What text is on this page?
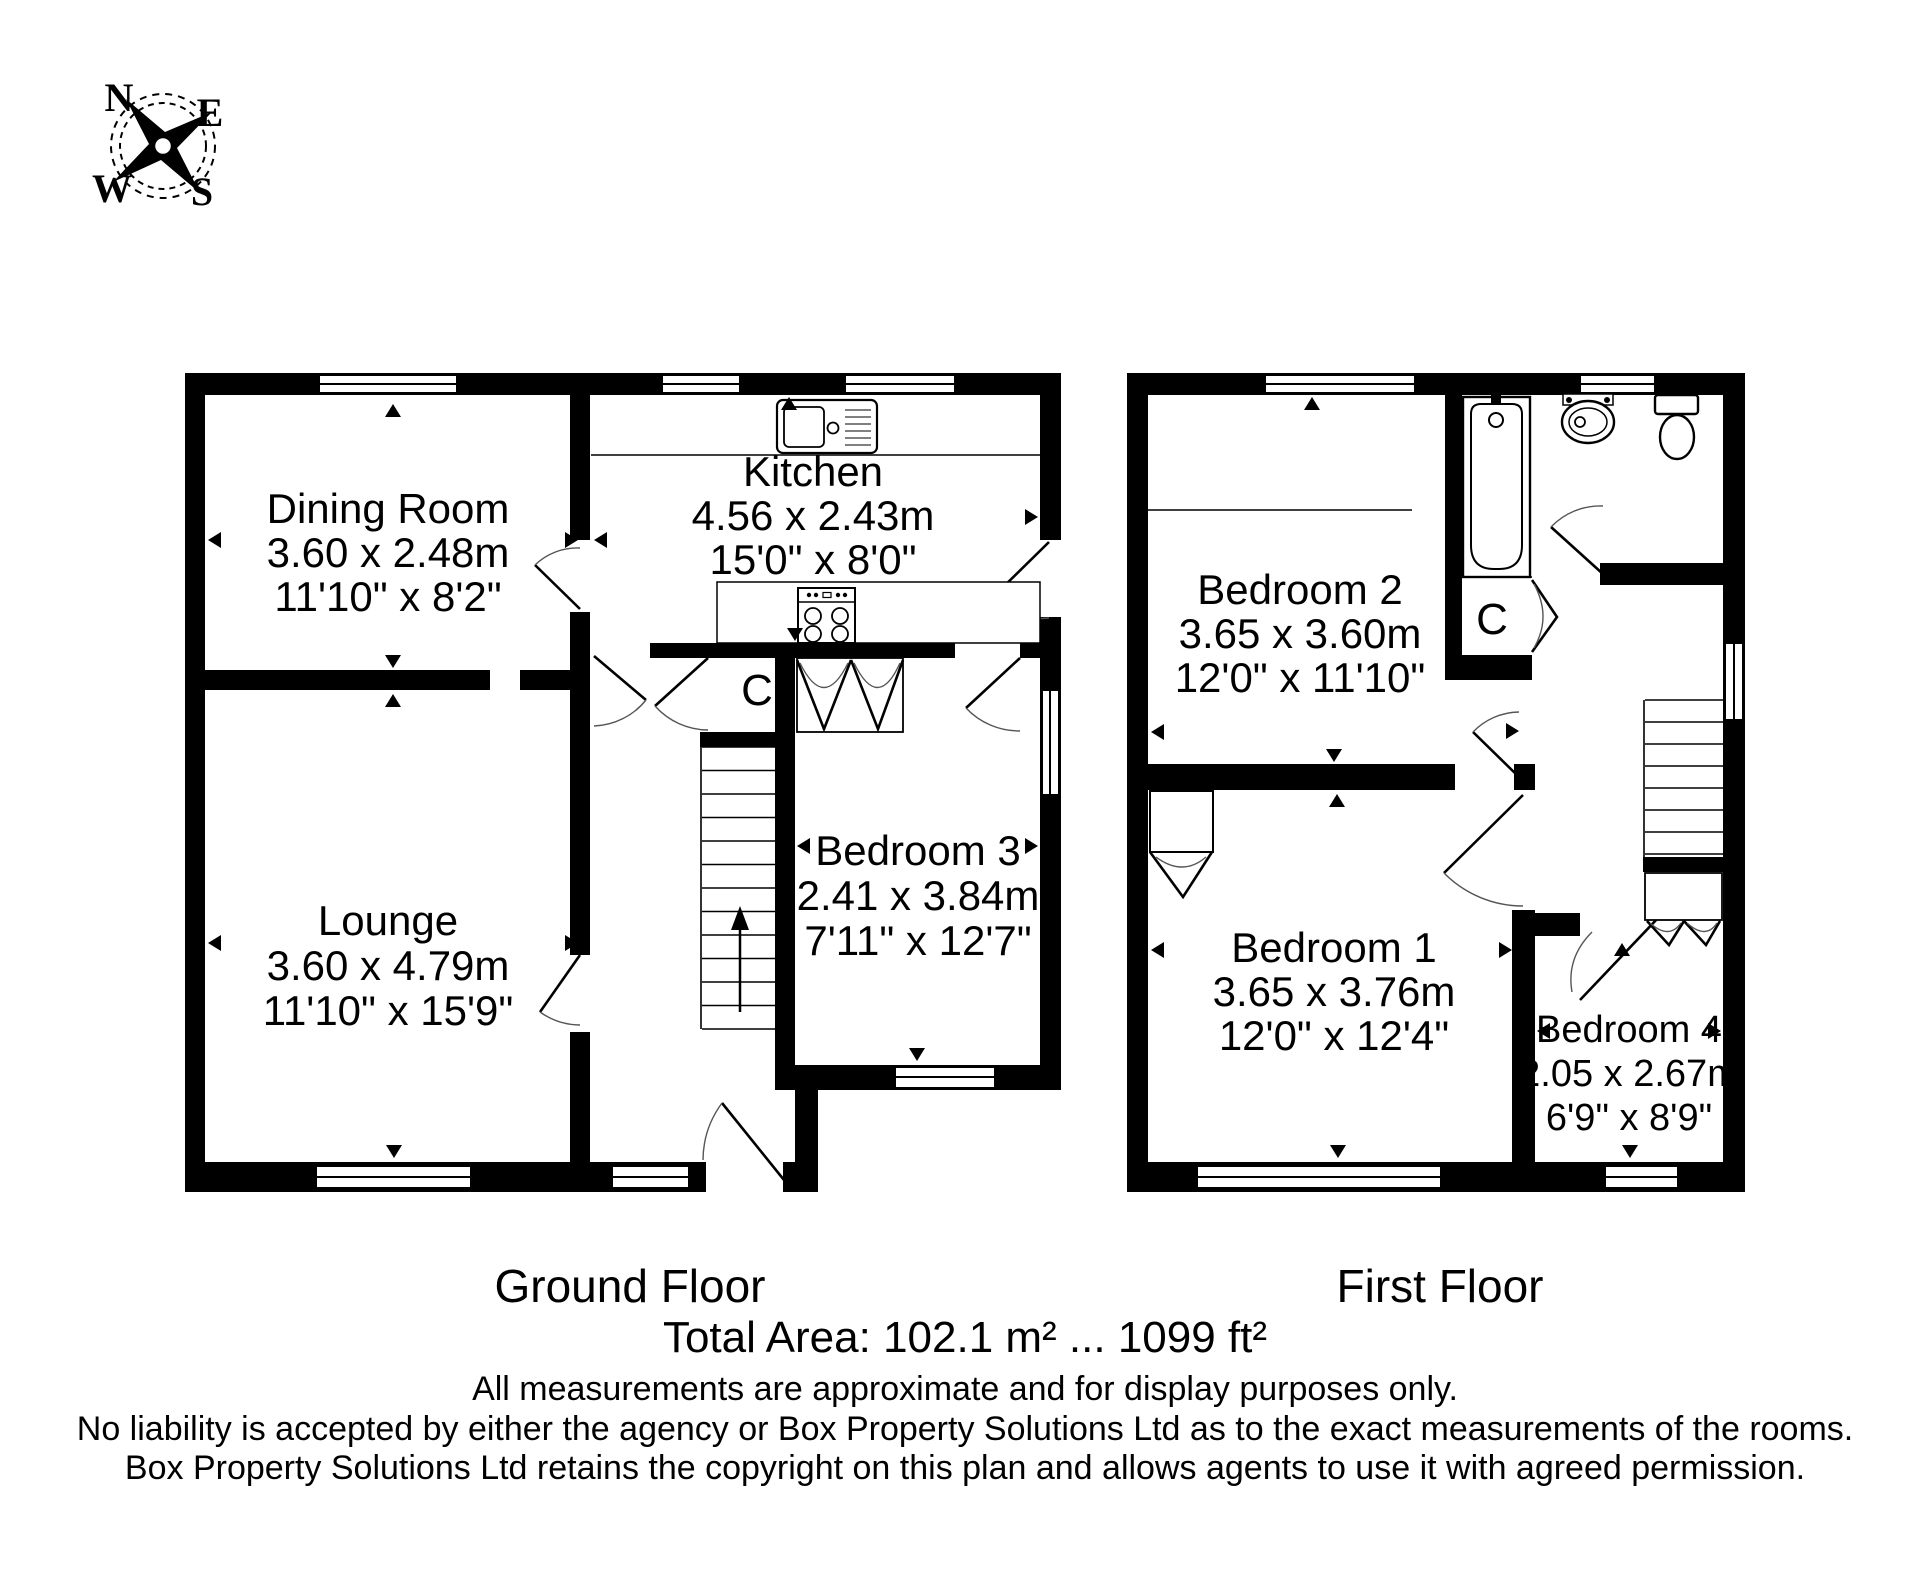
N E
W S
Dining Room
3.60 x 2.48m
11'10" x 8'2"
Kitchen
4.56 x 2.43m
15'0" x 8'0"
Lounge
3.60 x 4.79m
11'10" x 15'9"
Bedroom 3
2.41 x 3.84m
7'11" x 12'7"
C
Ground Floor
Bedroom 2
3.65 x 3.60m
12'0" x 11'10"
Bedroom 1
3.65 x 3.76m
12'0" x 12'4" Bedroom 4
2.05 x 2.67m
6'9" x 8'9"
C
First Floor
Total Area: 102.1 m² ... 1099 ft²
All measurements are approximate and for display purposes only.
No liability is accepted by either the agency or Box Property Solutions Ltd as to the exact measurements of the rooms.
Box Property Solutions Ltd retains the copyright on this plan and allows agents to use it with agreed permission.
